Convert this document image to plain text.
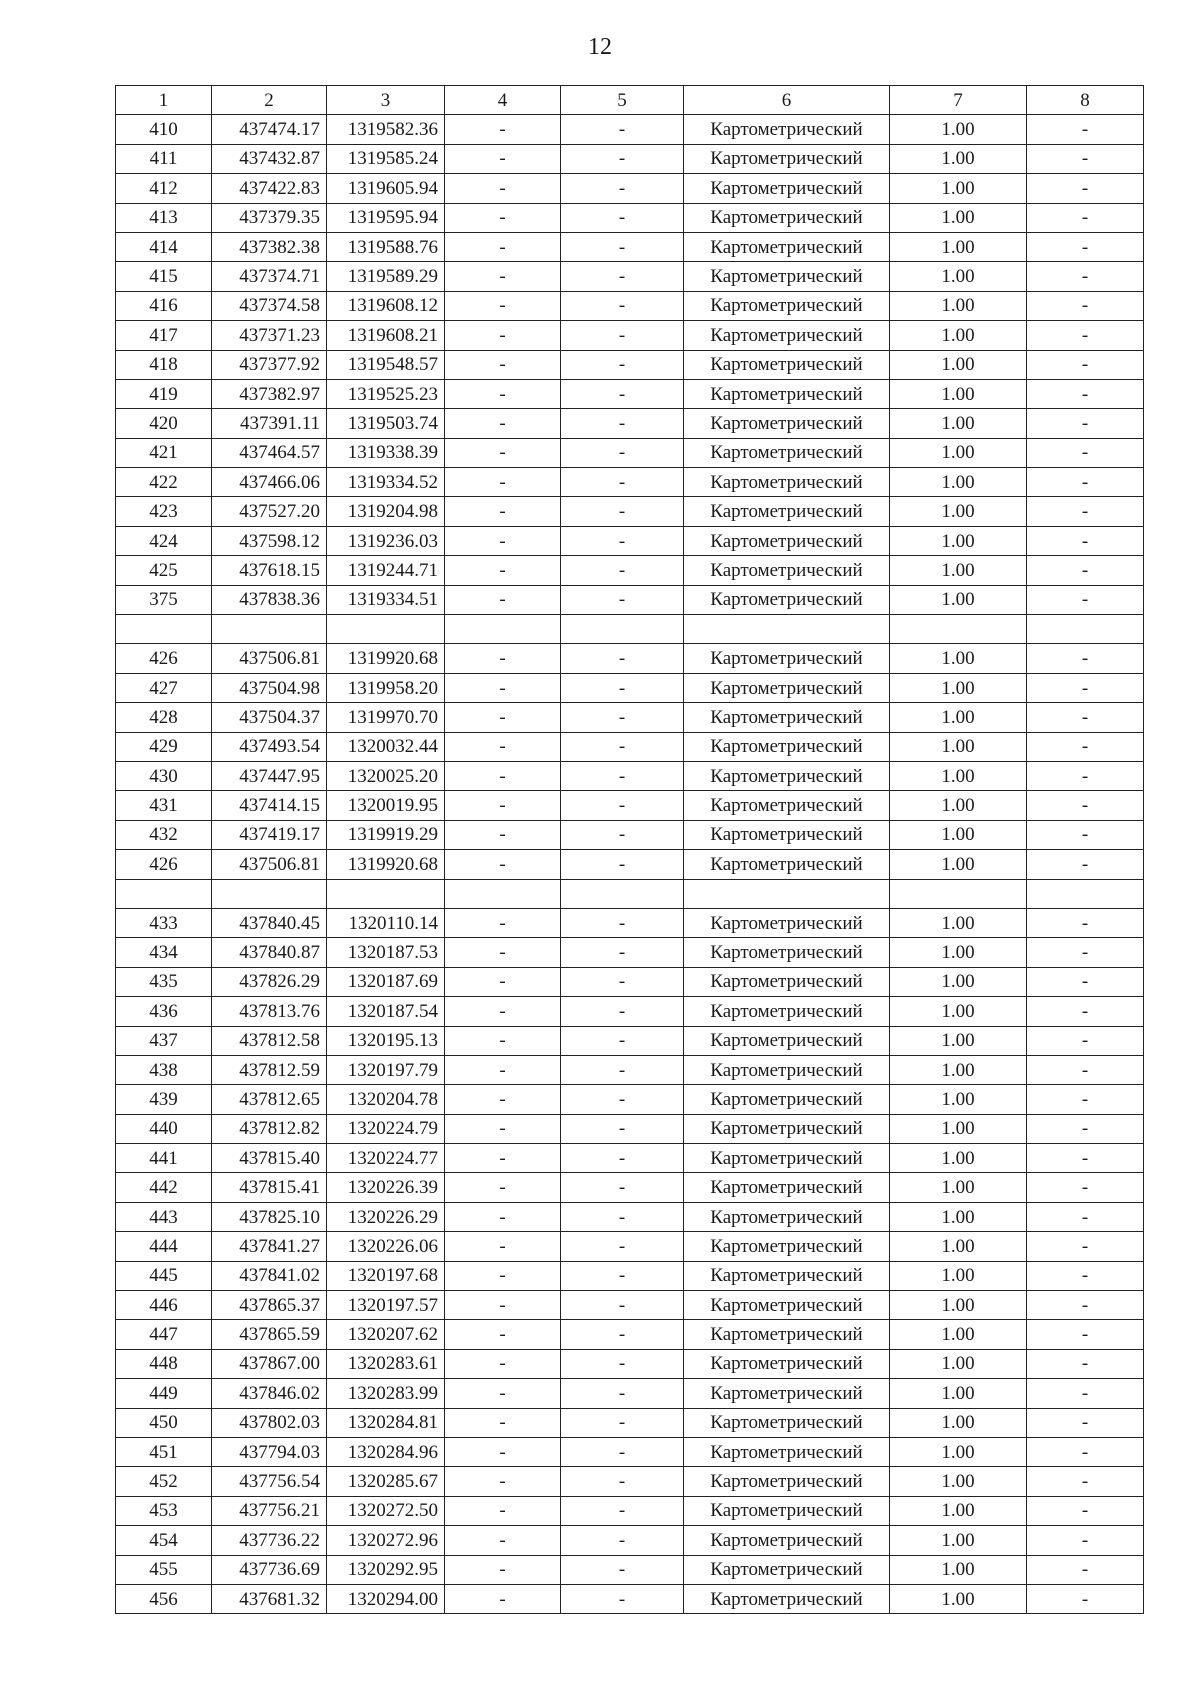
12
1	2	3	4	5	6	7	8
410	437474.17	1319582.36	-	-	Картометрический	1.00	-
411	437432.87	1319585.24	-	-	Картометрический	1.00	-
412	437422.83	1319605.94	-	-	Картометрический	1.00	-
413	437379.35	1319595.94	-	-	Картометрический	1.00	-
414	437382.38	1319588.76	-	-	Картометрический	1.00	-
415	437374.71	1319589.29	-	-	Картометрический	1.00	-
416	437374.58	1319608.12	-	-	Картометрический	1.00	-
417	437371.23	1319608.21	-	-	Картометрический	1.00	-
418	437377.92	1319548.57	-	-	Картометрический	1.00	-
419	437382.97	1319525.23	-	-	Картометрический	1.00	-
420	437391.11	1319503.74	-	-	Картометрический	1.00	-
421	437464.57	1319338.39	-	-	Картометрический	1.00	-
422	437466.06	1319334.52	-	-	Картометрический	1.00	-
423	437527.20	1319204.98	-	-	Картометрический	1.00	-
424	437598.12	1319236.03	-	-	Картометрический	1.00	-
425	437618.15	1319244.71	-	-	Картометрический	1.00	-
375	437838.36	1319334.51	-	-	Картометрический	1.00	-

426	437506.81	1319920.68	-	-	Картометрический	1.00	-
427	437504.98	1319958.20	-	-	Картометрический	1.00	-
428	437504.37	1319970.70	-	-	Картометрический	1.00	-
429	437493.54	1320032.44	-	-	Картометрический	1.00	-
430	437447.95	1320025.20	-	-	Картометрический	1.00	-
431	437414.15	1320019.95	-	-	Картометрический	1.00	-
432	437419.17	1319919.29	-	-	Картометрический	1.00	-
426	437506.81	1319920.68	-	-	Картометрический	1.00	-

433	437840.45	1320110.14	-	-	Картометрический	1.00	-
434	437840.87	1320187.53	-	-	Картометрический	1.00	-
435	437826.29	1320187.69	-	-	Картометрический	1.00	-
436	437813.76	1320187.54	-	-	Картометрический	1.00	-
437	437812.58	1320195.13	-	-	Картометрический	1.00	-
438	437812.59	1320197.79	-	-	Картометрический	1.00	-
439	437812.65	1320204.78	-	-	Картометрический	1.00	-
440	437812.82	1320224.79	-	-	Картометрический	1.00	-
441	437815.40	1320224.77	-	-	Картометрический	1.00	-
442	437815.41	1320226.39	-	-	Картометрический	1.00	-
443	437825.10	1320226.29	-	-	Картометрический	1.00	-
444	437841.27	1320226.06	-	-	Картометрический	1.00	-
445	437841.02	1320197.68	-	-	Картометрический	1.00	-
446	437865.37	1320197.57	-	-	Картометрический	1.00	-
447	437865.59	1320207.62	-	-	Картометрический	1.00	-
448	437867.00	1320283.61	-	-	Картометрический	1.00	-
449	437846.02	1320283.99	-	-	Картометрический	1.00	-
450	437802.03	1320284.81	-	-	Картометрический	1.00	-
451	437794.03	1320284.96	-	-	Картометрический	1.00	-
452	437756.54	1320285.67	-	-	Картометрический	1.00	-
453	437756.21	1320272.50	-	-	Картометрический	1.00	-
454	437736.22	1320272.96	-	-	Картометрический	1.00	-
455	437736.69	1320292.95	-	-	Картометрический	1.00	-
456	437681.32	1320294.00	-	-	Картометрический	1.00	-
